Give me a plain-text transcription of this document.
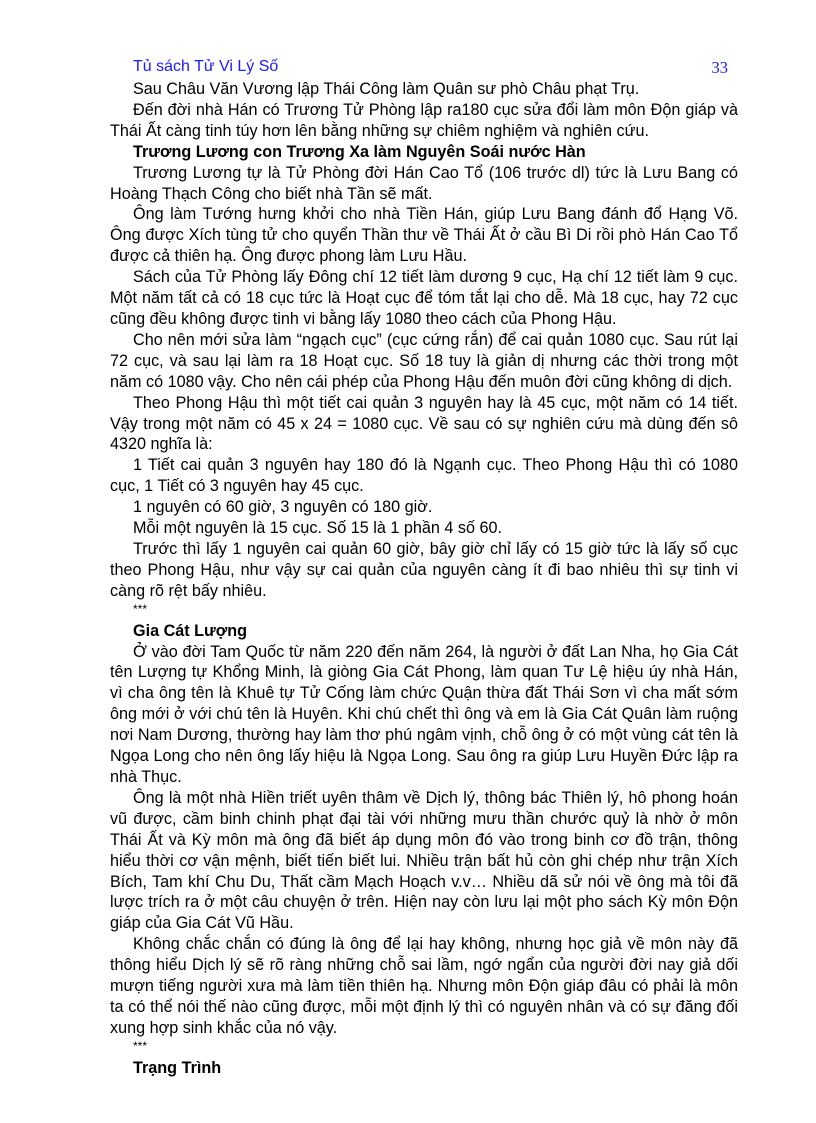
Tủ sách Tử Vi Lý Số	33

Sau Châu Văn Vương lập Thái Công làm Quân sư phò Châu phạt Trụ.

Đến đời nhà Hán có Trương Tử Phòng lập ra180 cục sửa đổi làm môn Độn giáp và Thái Ất càng tinh túy hơn lên bằng những sự chiêm nghiệm và nghiên cứu.

Trương Lương con Trương Xa làm Nguyên Soái nước Hàn

Trương Lương tự là Tử Phòng đời Hán Cao Tổ (106 trước dl) tức là Lưu Bang có Hoàng Thạch Công cho biết nhà Tần sẽ mất.

Ông làm Tướng hưng khởi cho nhà Tiền Hán, giúp Lưu Bang đánh đổ Hạng Võ. Ông được Xích tùng tử cho quyển Thần thư về Thái Ất ở cầu Bì Di rồi phò Hán Cao Tổ được cả thiên hạ. Ông được phong làm Lưu Hầu.

Sách của Tử Phòng lấy Đông chí 12 tiết làm dương 9 cục, Hạ chí 12 tiết làm 9 cục. Một năm tất cả có 18 cục tức là Hoạt cục để tóm tắt lại cho dễ. Mà 18 cục, hay 72 cục cũng đều không được tinh vi bằng lấy 1080 theo cách của Phong Hậu.

Cho nên mới sửa làm “ngạch cục” (cục cứng rắn) để cai quản 1080 cục. Sau rút lại 72 cục, và sau lại làm ra 18 Hoạt cục. Số 18 tuy là giản dị nhưng các thời trong một năm có 1080 vậy. Cho nên cái phép của Phong Hậu đến muôn đời cũng không di dịch.

Theo Phong Hậu thì một tiết cai quản 3 nguyên hay là 45 cục, một năm có 14 tiết. Vậy trong một năm có 45 x 24 = 1080 cục. Về sau có sự nghiên cứu mà dùng đến sô 4320 nghĩa là:

1 Tiết cai quản 3 nguyên hay 180 đó là Ngạnh cục. Theo Phong Hậu thì có 1080 cục, 1 Tiết có 3 nguyên hay 45 cục.

1 nguyên có 60 giờ, 3 nguyên có 180 giờ.

Mỗi một nguyên là 15 cục. Số 15 là 1 phần 4 số 60.

Trước thì lấy 1 nguyên cai quản 60 giờ, bây giờ chỉ lấy có 15 giờ tức là lấy số cục theo Phong Hậu, như vậy sự cai quản của nguyên càng ít đi bao nhiêu thì sự tinh vi càng rõ rệt bấy nhiêu.

***

Gia Cát Lượng

Ở vào đời Tam Quốc từ năm 220 đến năm 264, là người ở đất Lan Nha, họ Gia Cát tên Lượng tự Khổng Minh, là giòng Gia Cát Phong, làm quan Tư Lệ hiệu úy nhà Hán, vì cha ông tên là Khuê tự Tử Cống làm chức Quận thừa đất Thái Sơn vì cha mất sớm ông mới ở với chú tên là Huyên. Khi chú chết thì ông và em là Gia Cát Quân làm ruộng nơi Nam Dương, thường hay làm thơ phú ngâm vịnh, chỗ ông ở có một vùng cát tên là Ngọa Long cho nên ông lấy hiệu là Ngọa Long. Sau ông ra giúp Lưu Huyền Đức lập ra nhà Thục.

Ông là một nhà Hiền triết uyên thâm về Dịch lý, thông bác Thiên lý, hô phong hoán vũ được, cầm binh chinh phạt đại tài với những mưu thần chước quỷ là nhờ ở môn Thái Ất và Kỳ môn mà ông đã biết áp dụng môn đó vào trong binh cơ đồ trận, thông hiểu thời cơ vận mệnh, biết tiến biết lui. Nhiều trận bất hủ còn ghi chép như trận Xích Bích, Tam khí Chu Du, Thất cầm Mạch Hoạch v.v… Nhiều dã sử nói về ông mà tôi đã lược trích ra ở một câu chuyện ở trên. Hiện nay còn lưu lại một pho sách Kỳ môn Độn giáp của Gia Cát Vũ Hầu.

Không chắc chắn có đúng là ông để lại hay không, nhưng học giả về môn này đã thông hiểu Dịch lý sẽ rõ ràng những chỗ sai lầm, ngớ ngẩn của người đời nay giả dối mượn tiếng người xưa mà làm tiền thiên hạ. Nhưng môn Độn giáp đâu có phải là môn ta có thể nói thế nào cũng được, mỗi một định lý thì có nguyên nhân và có sự đăng đối xung hợp sinh khắc của nó vậy.

***

Trạng Trình
